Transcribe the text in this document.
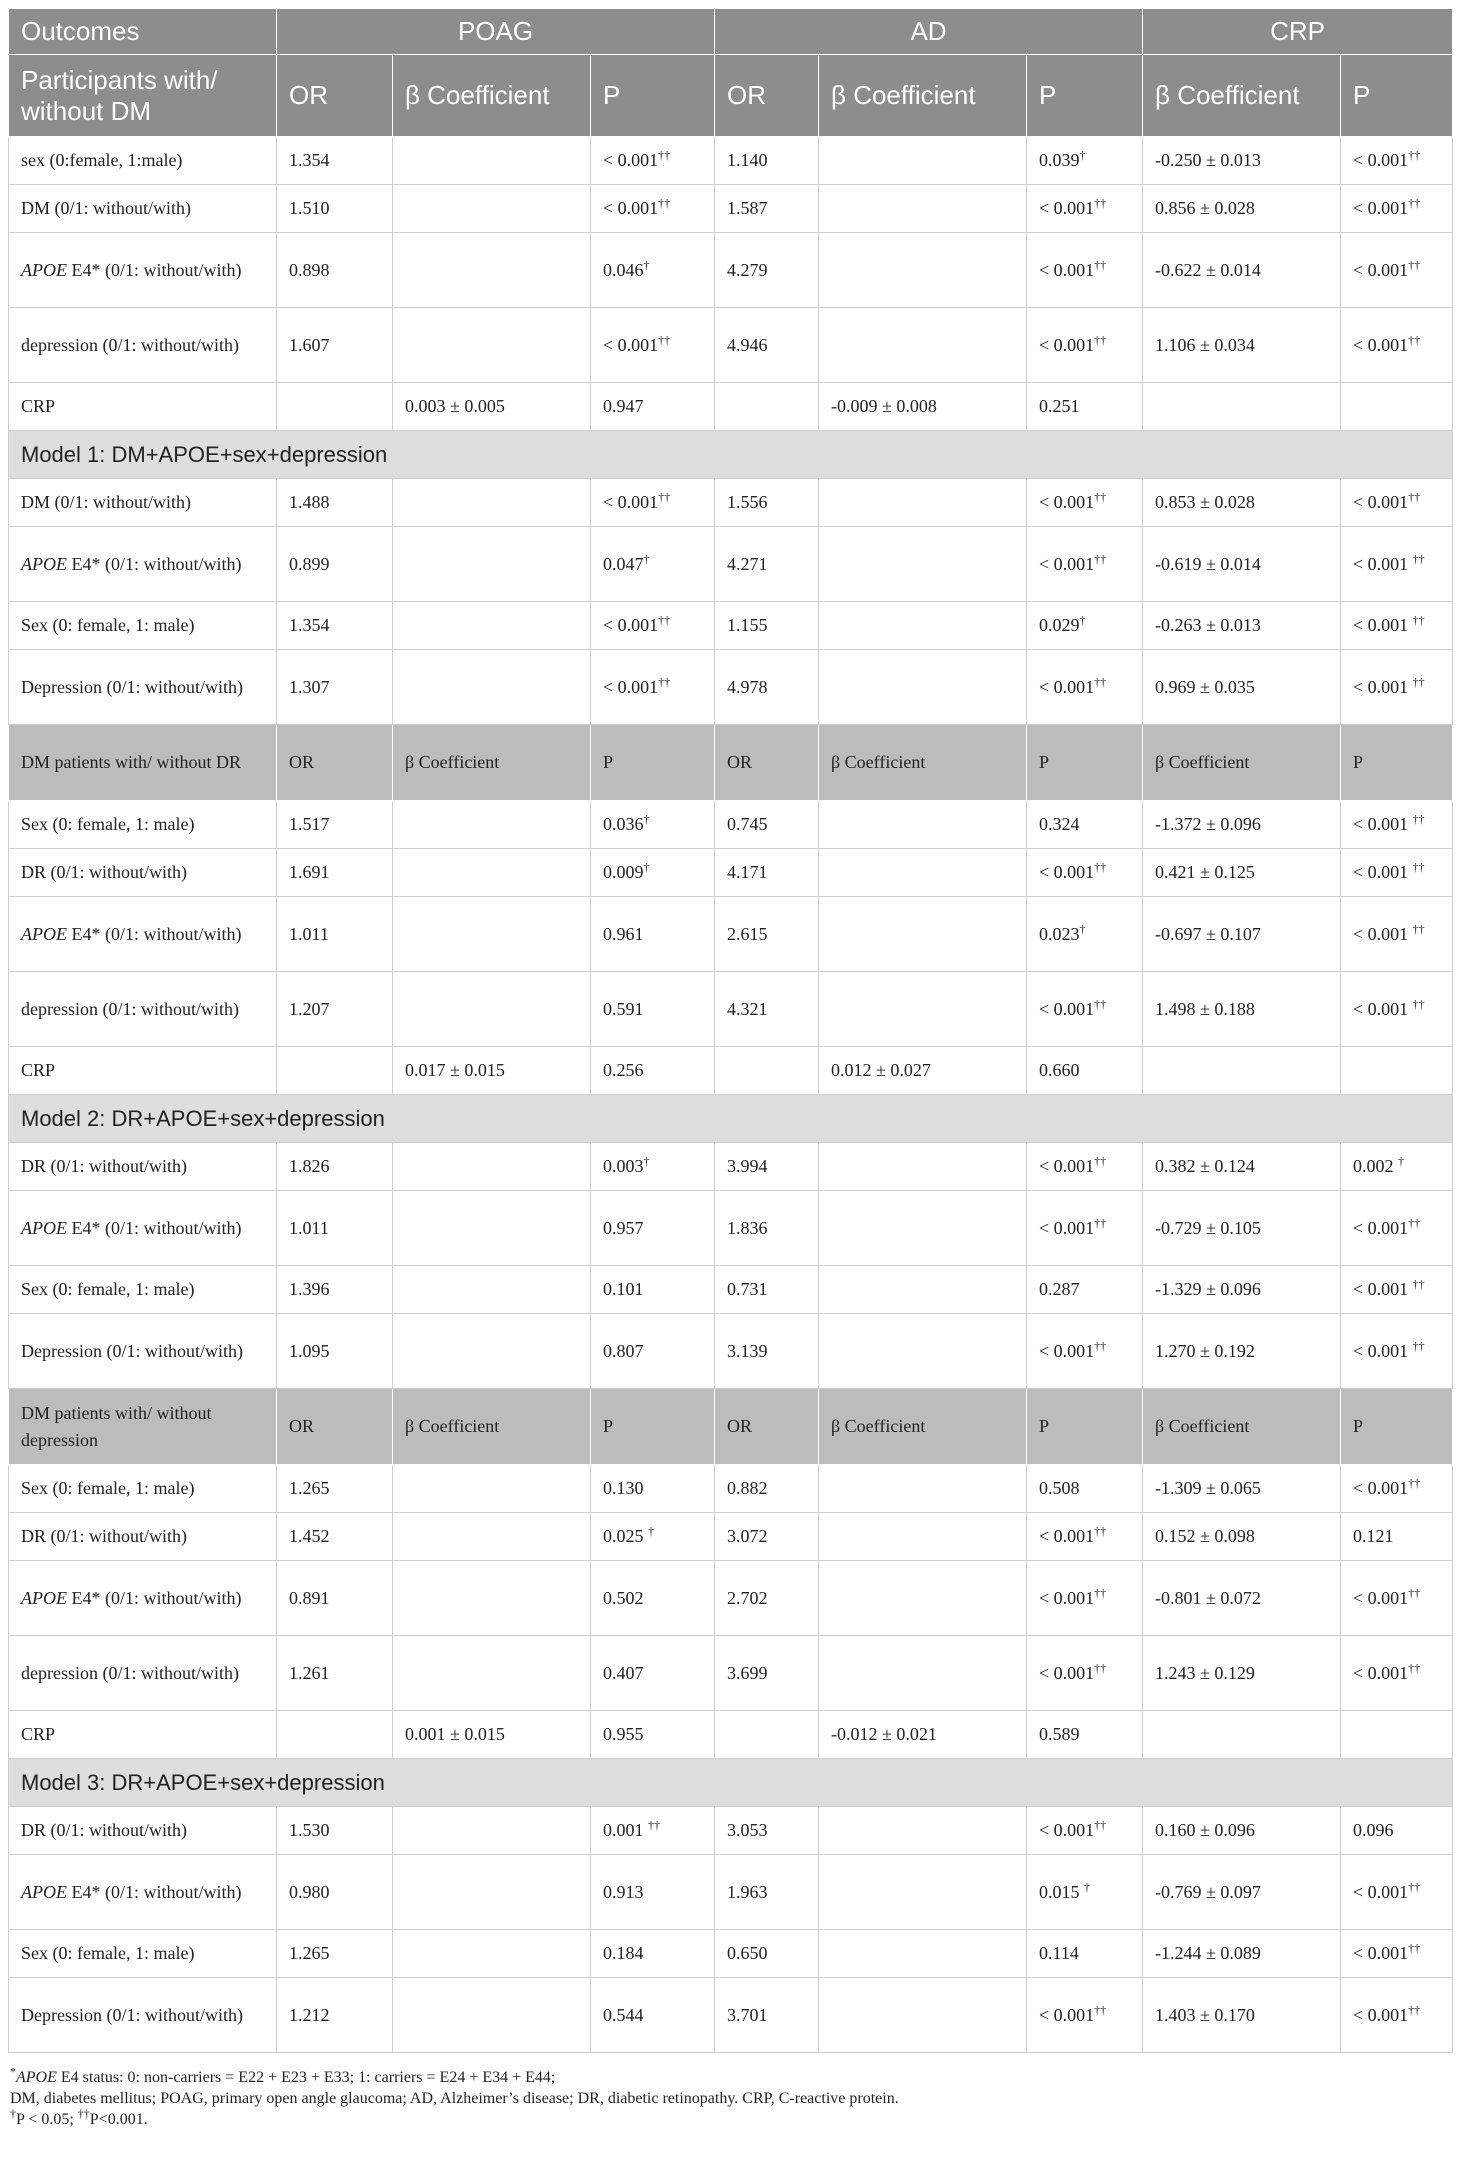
Outcomes	POAG			AD			CRP	
Participants with/ without DM	OR	β Coefficient	P	OR	β Coefficient	P	β Coefficient	P
sex (0:female, 1:male)	1.354		< 0.001††	1.140		0.039†	-0.250 ± 0.013	< 0.001††
DM (0/1: without/with)	1.510		< 0.001††	1.587		< 0.001††	0.856 ± 0.028	< 0.001††
APOE E4* (0/1: without/with)	0.898		0.046†	4.279		< 0.001††	-0.622 ± 0.014	< 0.001††
depression (0/1: without/with)	1.607		< 0.001††	4.946		< 0.001††	1.106 ± 0.034	< 0.001††
CRP		0.003 ± 0.005	0.947		-0.009 ± 0.008	0.251		
Model 1: DM+APOE+sex+depression								
DM (0/1: without/with)	1.488		< 0.001††	1.556		< 0.001††	0.853 ± 0.028	< 0.001††
APOE E4* (0/1: without/with)	0.899		0.047†	4.271		< 0.001††	-0.619 ± 0.014	< 0.001 ††
Sex (0: female, 1: male)	1.354		< 0.001††	1.155		0.029†	-0.263 ± 0.013	< 0.001 ††
Depression (0/1: without/with)	1.307		< 0.001††	4.978		< 0.001††	0.969 ± 0.035	< 0.001 ††
DM patients with/ without DR	OR	β Coefficient	P	OR	β Coefficient	P	β Coefficient	P
Sex (0: female, 1: male)	1.517		0.036†	0.745		0.324	-1.372 ± 0.096	< 0.001 ††
DR (0/1: without/with)	1.691		0.009†	4.171		< 0.001††	0.421 ± 0.125	< 0.001 ††
APOE E4* (0/1: without/with)	1.011		0.961	2.615		0.023†	-0.697 ± 0.107	< 0.001 ††
depression (0/1: without/with)	1.207		0.591	4.321		< 0.001††	1.498 ± 0.188	< 0.001 ††
CRP		0.017 ± 0.015	0.256		0.012 ± 0.027	0.660		
Model 2: DR+APOE+sex+depression								
DR (0/1: without/with)	1.826		0.003†	3.994		< 0.001††	0.382 ± 0.124	0.002 †
APOE E4* (0/1: without/with)	1.011		0.957	1.836		< 0.001††	-0.729 ± 0.105	< 0.001††
Sex (0: female, 1: male)	1.396		0.101	0.731		0.287	-1.329 ± 0.096	< 0.001 ††
Depression (0/1: without/with)	1.095		0.807	3.139		< 0.001††	1.270 ± 0.192	< 0.001 ††
DM patients with/ without depression	OR	β Coefficient	P	OR	β Coefficient	P	β Coefficient	P
Sex (0: female, 1: male)	1.265		0.130	0.882		0.508	-1.309 ± 0.065	< 0.001††
DR (0/1: without/with)	1.452		0.025 †	3.072		< 0.001††	0.152 ± 0.098	0.121
APOE E4* (0/1: without/with)	0.891		0.502	2.702		< 0.001††	-0.801 ± 0.072	< 0.001††
depression (0/1: without/with)	1.261		0.407	3.699		< 0.001††	1.243 ± 0.129	< 0.001††
CRP		0.001 ± 0.015	0.955		-0.012 ± 0.021	0.589		
Model 3: DR+APOE+sex+depression								
DR (0/1: without/with)	1.530		0.001 ††	3.053		< 0.001††	0.160 ± 0.096	0.096
APOE E4* (0/1: without/with)	0.980		0.913	1.963		0.015 †	-0.769 ± 0.097	< 0.001††
Sex (0: female, 1: male)	1.265		0.184	0.650		0.114	-1.244 ± 0.089	< 0.001††
Depression (0/1: without/with)	1.212		0.544	3.701		< 0.001††	1.403 ± 0.170	< 0.001††

*APOE E4 status: 0: non-carriers = E22 + E23 + E33; 1: carriers = E24 + E34 + E44;

DM, diabetes mellitus; POAG, primary open angle glaucoma; AD, Alzheimer’s disease; DR, diabetic retinopathy. CRP, C-reactive protein.

†P < 0.05; ††P<0.001.
